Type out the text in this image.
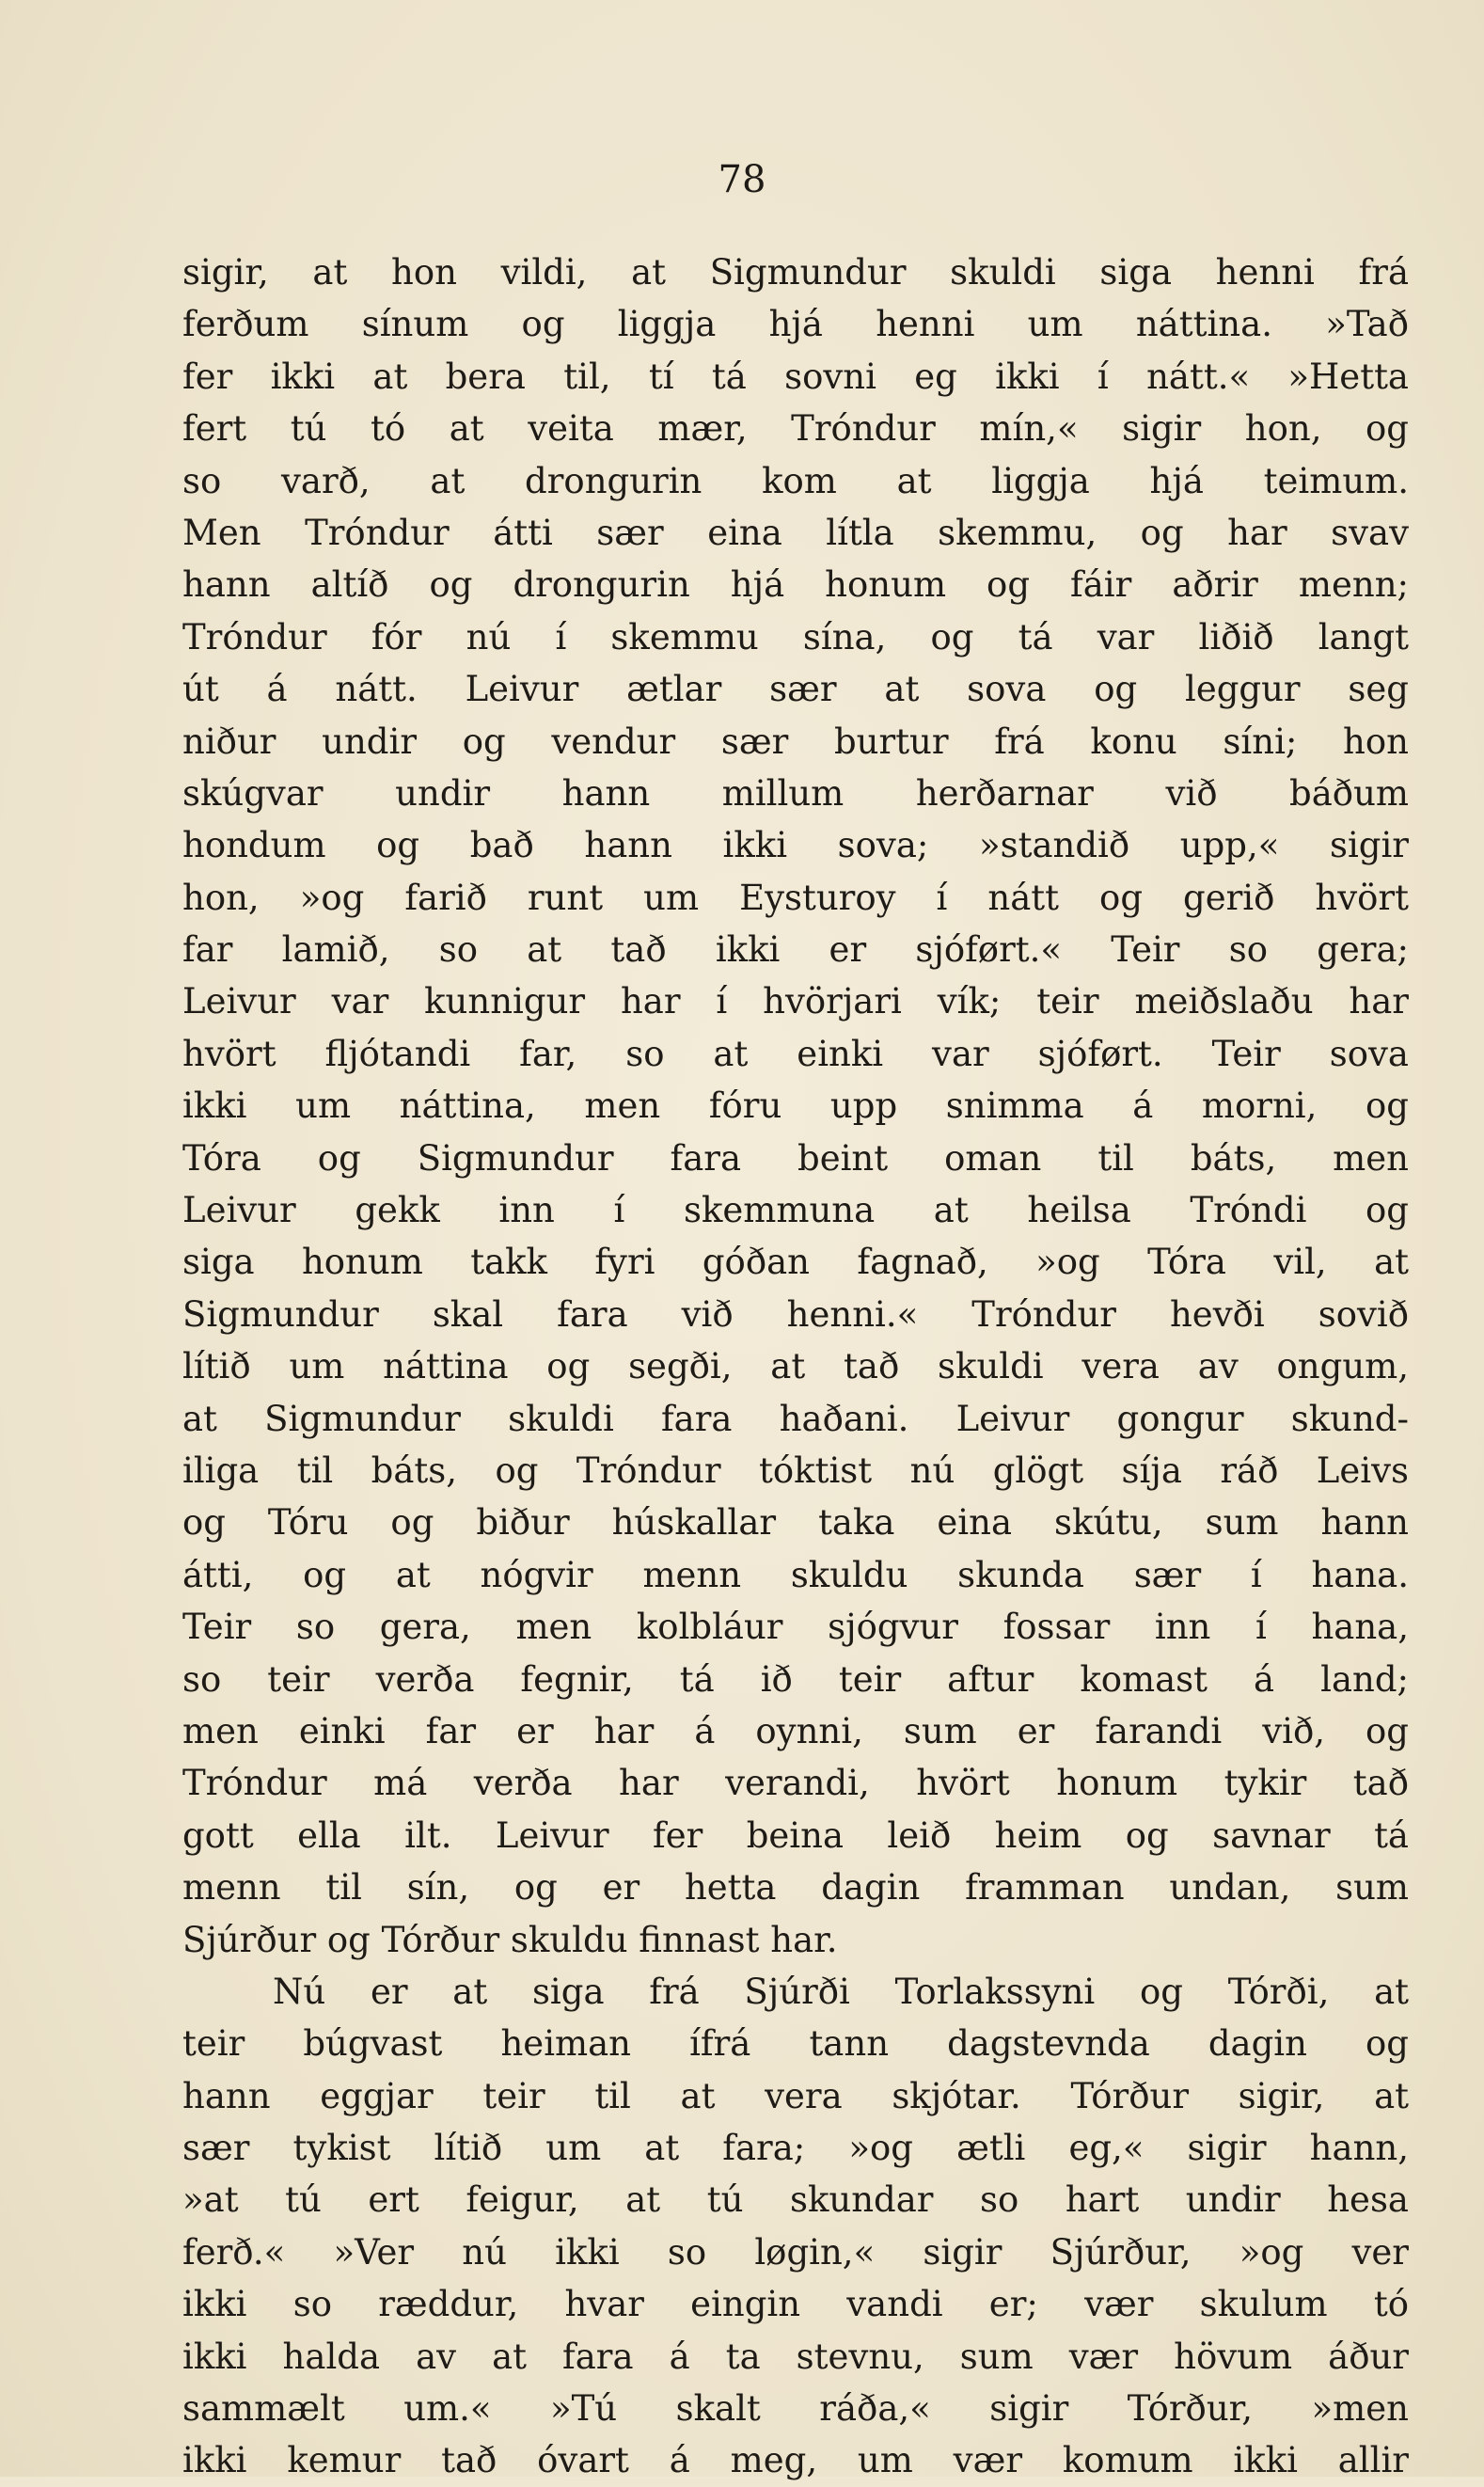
78
sigir, at hon vildi, at Sigmundur skuldi siga henni frá
ferðum sínum og liggja hjá henni um náttina. »Tað
fer ikki at bera til, tí tá sovni eg ikki í nátt.« »Hetta
fert tú tó at veita mær, Tróndur mín,« sigir hon, og
so varð, at drongurin kom at liggja hjá teimum.
Men Tróndur átti sær eina lítla skemmu, og har svav
hann altíð og drongurin hjá honum og fáir aðrir menn;
Tróndur fór nú í skemmu sína, og tá var liðið langt
út á nátt. Leivur ætlar sær at sova og leggur seg
niður undir og vendur sær burtur frá konu síni; hon
skúgvar undir hann millum herðarnar við báðum
hondum og bað hann ikki sova; »standið upp,« sigir
hon, »og farið runt um Eysturoy í nátt og gerið hvört
far lamið, so at tað ikki er sjóført.« Teir so gera;
Leivur var kunnigur har í hvörjari vík; teir meiðslaðu har
hvört fljótandi far, so at einki var sjóført. Teir sova
ikki um náttina, men fóru upp snimma á morni, og
Tóra og Sigmundur fara beint oman til báts, men
Leivur gekk inn í skemmuna at heilsa Tróndi og
siga honum takk fyri góðan fagnað, »og Tóra vil, at
Sigmundur skal fara við henni.« Tróndur hevði sovið
lítið um náttina og segði, at tað skuldi vera av ongum,
at Sigmundur skuldi fara haðani. Leivur gongur skund-
iliga til báts, og Tróndur tóktist nú glögt síja ráð Leivs
og Tóru og biður húskallar taka eina skútu, sum hann
átti, og at nógvir menn skuldu skunda sær í hana.
Teir so gera, men kolbláur sjógvur fossar inn í hana,
so teir verða fegnir, tá ið teir aftur komast á land;
men einki far er har á oynni, sum er farandi við, og
Tróndur má verða har verandi, hvört honum tykir tað
gott ella ilt. Leivur fer beina leið heim og savnar tá
menn til sín, og er hetta dagin framman undan, sum
Sjúrður og Tórður skuldu finnast har.
Nú er at siga frá Sjúrði Torlakssyni og Tórði, at
teir búgvast heiman ífrá tann dagstevnda dagin og
hann eggjar teir til at vera skjótar. Tórður sigir, at
sær tykist lítið um at fara; »og ætli eg,« sigir hann,
»at tú ert feigur, at tú skundar so hart undir hesa
ferð.« »Ver nú ikki so løgin,« sigir Sjúrður, »og ver
ikki so ræddur, hvar eingin vandi er; vær skulum tó
ikki halda av at fara á ta stevnu, sum vær hövum áður
sammælt um.« »Tú skalt ráða,« sigir Tórður, »men
ikki kemur tað óvart á meg, um vær komum ikki allir
